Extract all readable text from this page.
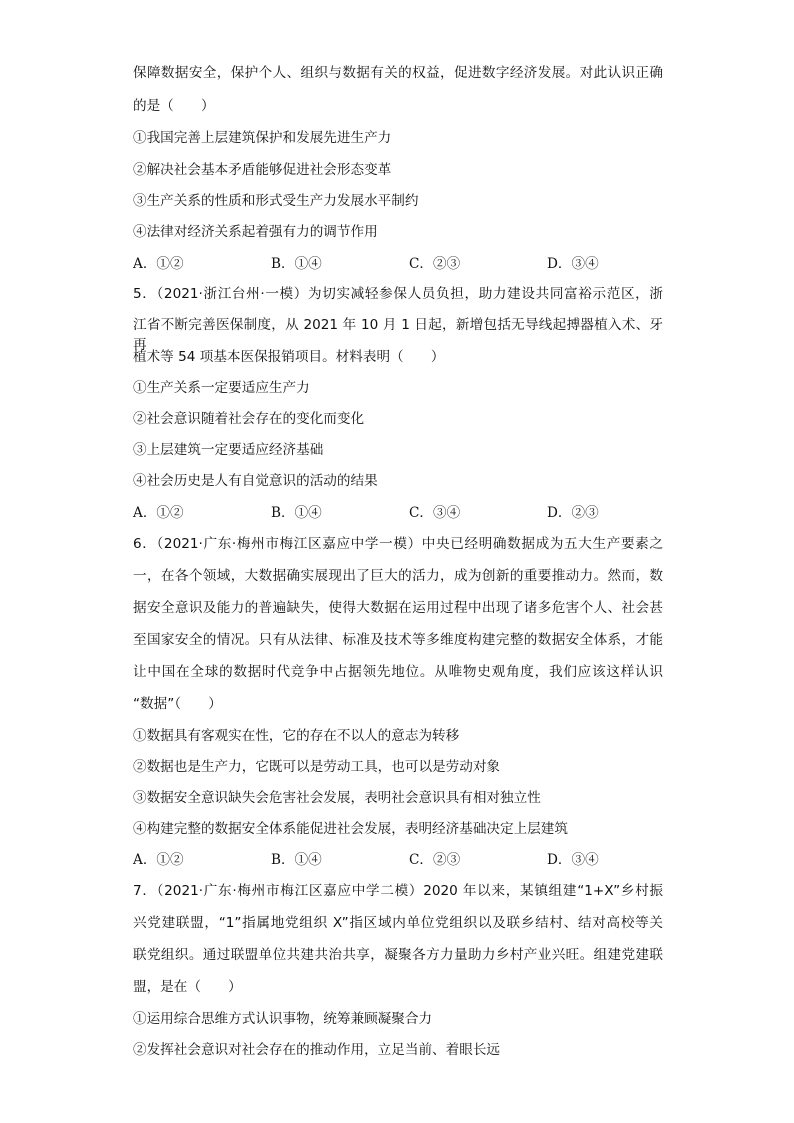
保障数据安全，保护个人、组织与数据有关的权益，促进数字经济发展。对此认识正确
的是（　　）
①我国完善上层建筑保护和发展先进生产力
②解决社会基本矛盾能够促进社会形态变革
③生产关系的性质和形式受生产力发展水平制约
④法律对经济关系起着强有力的调节作用
A．①②	B．①④	C．②③	D．③④
5．（2021·浙江台州·一模）为切实减轻参保人员负担，助力建设共同富裕示范区，浙
江省不断完善医保制度，从 2021 年 10 月 1 日起，新增包括无导线起搏器植入术、牙再
植术等 54 项基本医保报销项目。材料表明（　　）
①生产关系一定要适应生产力
②社会意识随着社会存在的变化而变化
③上层建筑一定要适应经济基础
④社会历史是人有自觉意识的活动的结果
A．①②	B．①④	C．③④	D．②③
6．（2021·广东·梅州市梅江区嘉应中学一模）中央已经明确数据成为五大生产要素之
一，在各个领域，大数据确实展现出了巨大的活力，成为创新的重要推动力。然而，数
据安全意识及能力的普遍缺失，使得大数据在运用过程中出现了诸多危害个人、社会甚
至国家安全的情况。只有从法律、标准及技术等多维度构建完整的数据安全体系，才能
让中国在全球的数据时代竞争中占据领先地位。从唯物史观角度，我们应该这样认识
“数据”（　　）
①数据具有客观实在性，它的存在不以人的意志为转移
②数据也是生产力，它既可以是劳动工具，也可以是劳动对象
③数据安全意识缺失会危害社会发展，表明社会意识具有相对独立性
④构建完整的数据安全体系能促进社会发展，表明经济基础决定上层建筑
A．①②	B．①④	C．②③	D．③④
7．（2021·广东·梅州市梅江区嘉应中学二模）2020 年以来，某镇组建“1+X”乡村振
兴党建联盟，“1”指属地党组织 X”指区域内单位党组织以及联乡结村、结对高校等关
联党组织。通过联盟单位共建共治共享，凝聚各方力量助力乡村产业兴旺。组建党建联
盟，是在（　　）
①运用综合思维方式认识事物，统筹兼顾凝聚合力
②发挥社会意识对社会存在的推动作用，立足当前、着眼长远
